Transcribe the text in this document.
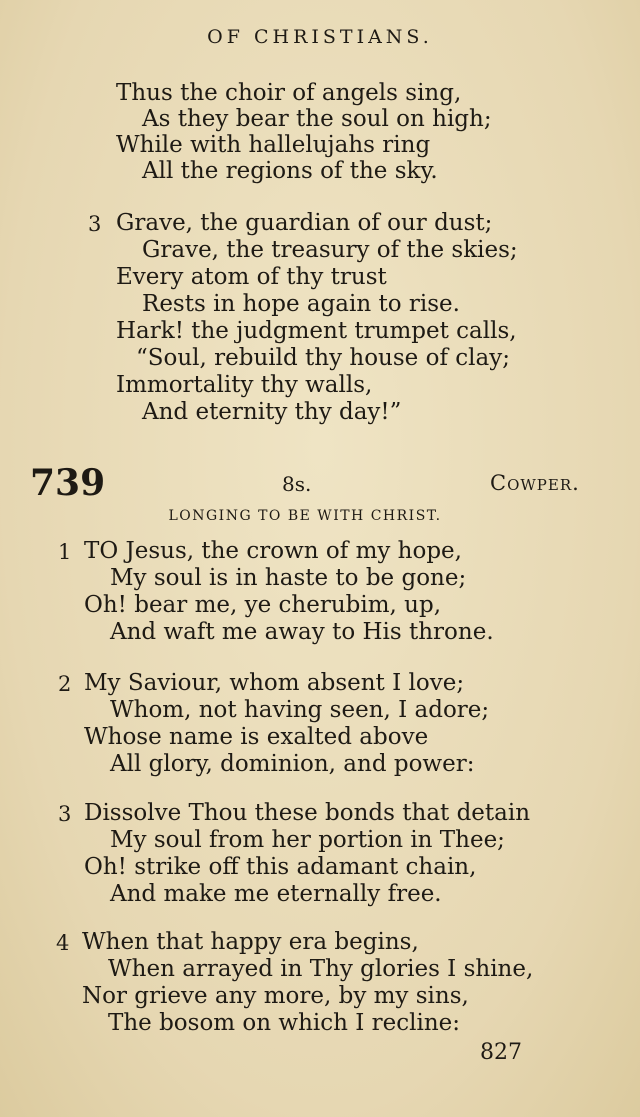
OF CHRISTIANS.
Thus the choir of angels sing,
As they bear the soul on high;
While with hallelujahs ring
All the regions of the sky.
3 Grave, the guardian of our dust;
Grave, the treasury of the skies;
Every atom of thy trust
Rests in hope again to rise.
Hark! the judgment trumpet calls,
“Soul, rebuild thy house of clay;
Immortality thy walls,
And eternity thy day!”
739	8s.	Cowper.
LONGING TO BE WITH CHRIST.
1 TO Jesus, the crown of my hope,
My soul is in haste to be gone;
Oh! bear me, ye cherubim, up,
And waft me away to His throne.
2 My Saviour, whom absent I love;
Whom, not having seen, I adore;
Whose name is exalted above
All glory, dominion, and power:
3 Dissolve Thou these bonds that detain
My soul from her portion in Thee;
Oh! strike off this adamant chain,
And make me eternally free.
4 When that happy era begins,
When arrayed in Thy glories I shine,
Nor grieve any more, by my sins,
The bosom on which I recline:
827
